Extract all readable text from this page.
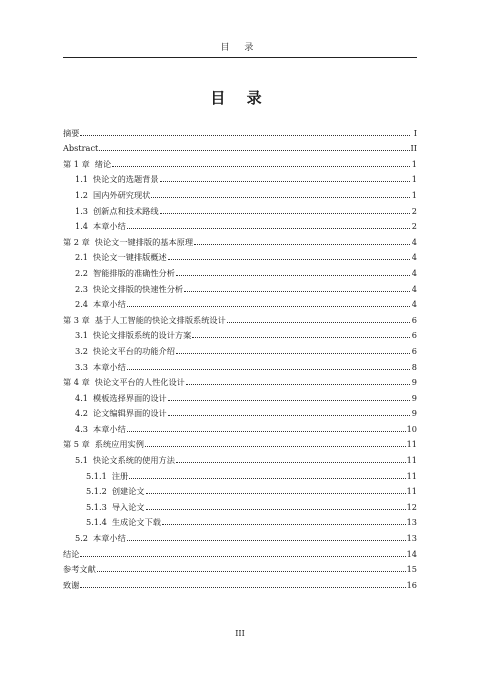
目 录
目 录
摘要	I
Abstract	II
第 1 章 绪论	1
1.1 快论文的选题背景	1
1.2 国内外研究现状	1
1.3 创新点和技术路线	2
1.4 本章小结	2
第 2 章 快论文一键排版的基本原理	4
2.1 快论文一键排版概述	4
2.2 智能排版的准确性分析	4
2.3 快论文排版的快速性分析	4
2.4 本章小结	4
第 3 章 基于人工智能的快论文排版系统设计	6
3.1 快论文排版系统的设计方案	6
3.2 快论文平台的功能介绍	6
3.3 本章小结	8
第 4 章 快论文平台的人性化设计	9
4.1 模板选择界面的设计	9
4.2 论文编辑界面的设计	9
4.3 本章小结	10
第 5 章 系统应用实例	11
5.1 快论文系统的使用方法	11
5.1.1 注册	11
5.1.2 创建论文	11
5.1.3 导入论文	12
5.1.4 生成论文下载	13
5.2 本章小结	13
结论	14
参考文献	15
致谢	16
III
